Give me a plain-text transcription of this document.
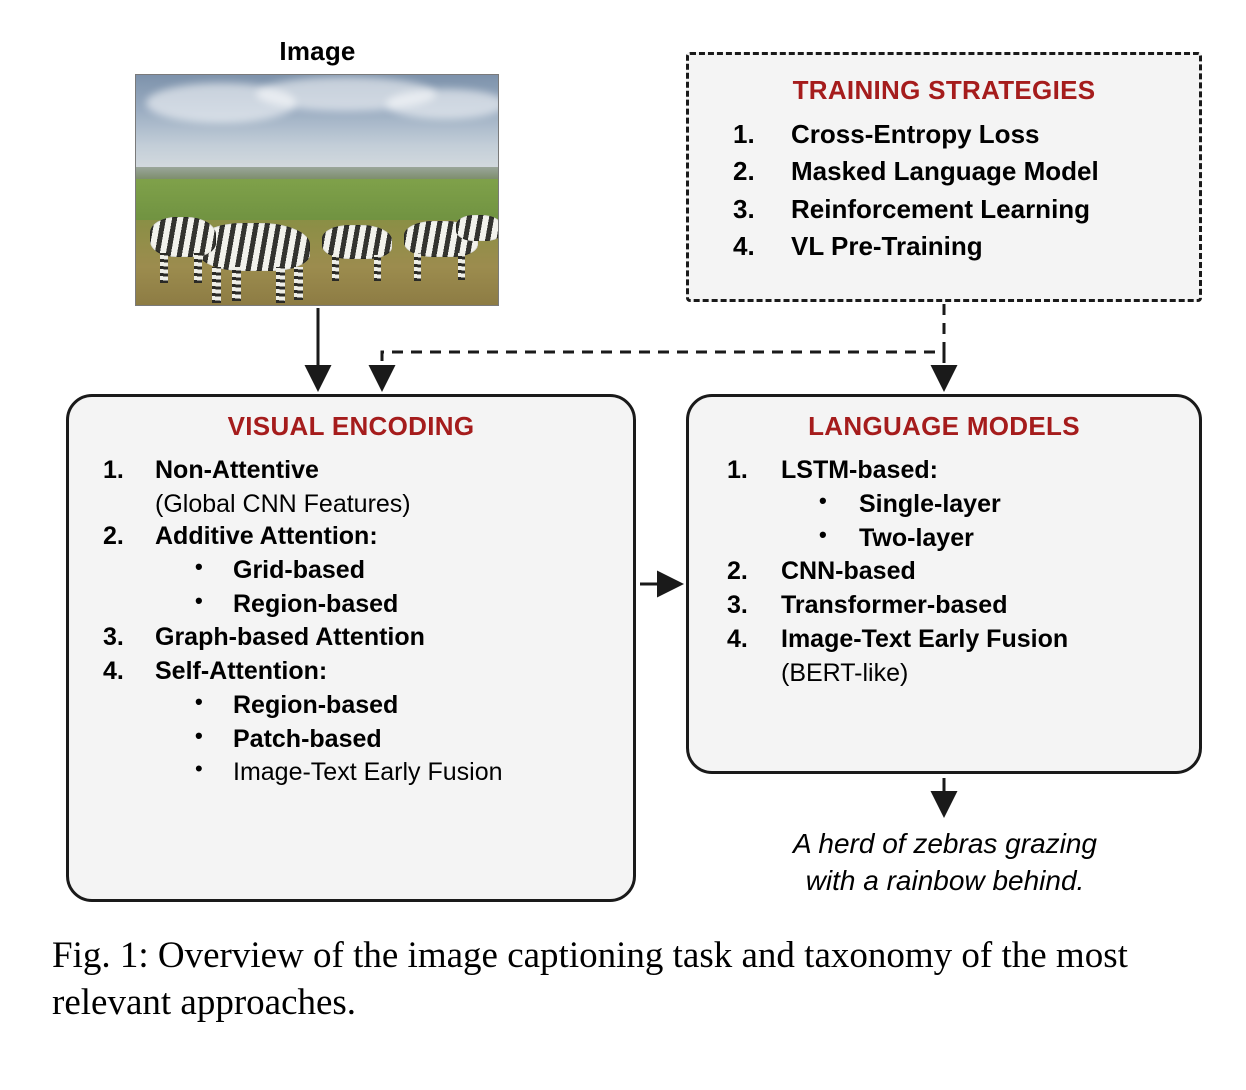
Image
TRAINING STRATEGIES
1. Cross-Entropy Loss
2. Masked Language Model
3. Reinforcement Learning
4. VL Pre-Training
VISUAL ENCODING
1. Non-Attentive
(Global CNN Features)
2. Additive Attention:
• Grid-based
• Region-based
3. Graph-based Attention
4. Self-Attention:
• Region-based
• Patch-based
• Image-Text Early Fusion
LANGUAGE MODELS
1. LSTM-based:
• Single-layer
• Two-layer
2. CNN-based
3. Transformer-based
4. Image-Text Early Fusion
(BERT-like)
A herd of zebras grazing
with a rainbow behind.
Fig. 1: Overview of the image captioning task and taxonomy of the most relevant approaches.
